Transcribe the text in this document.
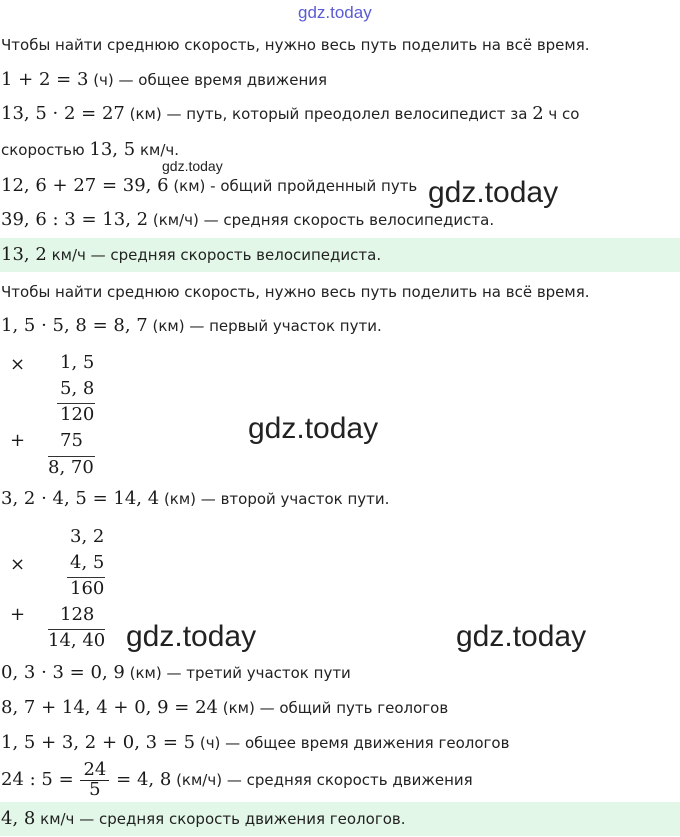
gdz.today
gdz.today
gdz.today
gdz.today
gdz.today	gdz.today
Чтобы найти среднюю скорость, нужно весь путь поделить на всё время.
1 + 2 = 3 (ч) — общее время движения
13, 5 · 2 = 27 (км) — путь, который преодолел велосипедист за 2 ч со
скоростью 13, 5 км/ч.
12, 6 + 27 = 39, 6 (км) - общий пройденный путь
39, 6 : 3 = 13, 2 (км/ч) — средняя скорость велосипедиста.
13, 2 км/ч — средняя скорость велосипедиста.
Чтобы найти среднюю скорость, нужно весь путь поделить на всё время.
1, 5 · 5, 8 = 8, 7 (км) — первый участок пути.
1, 5
×
5, 8
120
+ 75
8, 70
3, 2 · 4, 5 = 14, 4 (км) — второй участок пути.
3, 2
× 4, 5
160
+ 128
14, 40
0, 3 · 3 = 0, 9 (км) — третий участок пути
8, 7 + 14, 4 + 0, 9 = 24 (км) — общий путь геологов
1, 5 + 3, 2 + 0, 3 = 5 (ч) — общее время движения геологов
24 : $5 = \frac{24}{5} = 4$, 8 (км/ч) — средняя скорость движения
4, 8 км/ч — средняя скорость движения геологов.
